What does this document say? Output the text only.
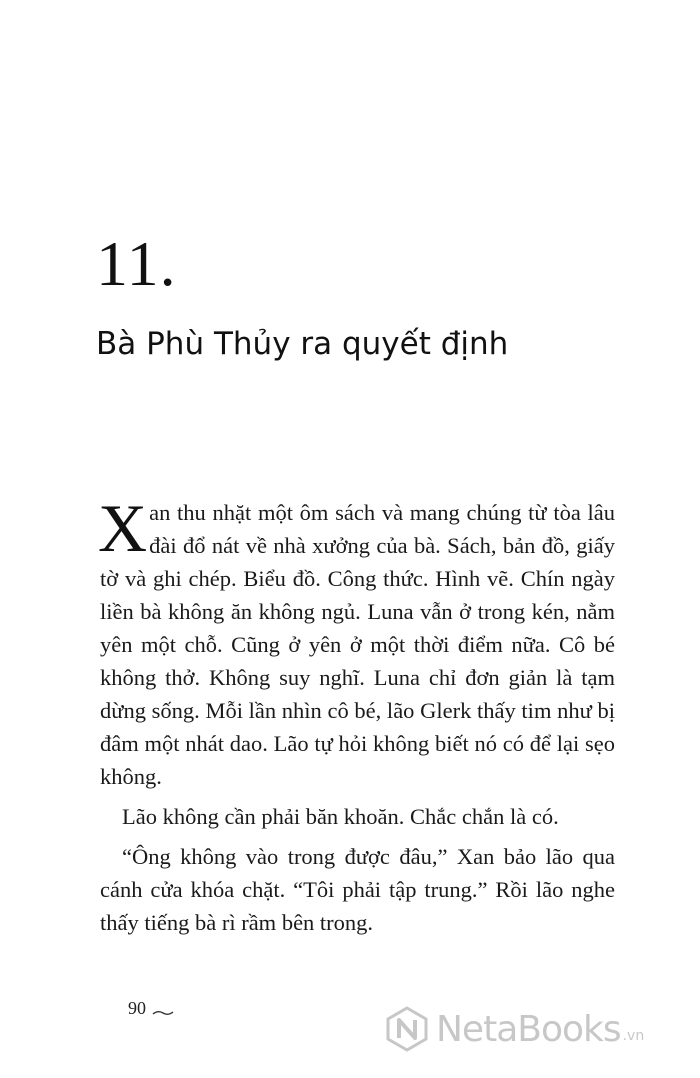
11.
Bà Phù Thủy ra quyết định

Xan thu nhặt một ôm sách và mang chúng từ tòa lâu đài đổ nát về nhà xưởng của bà. Sách, bản đồ, giấy tờ và ghi chép. Biểu đồ. Công thức. Hình vẽ. Chín ngày liền bà không ăn không ngủ. Luna vẫn ở trong kén, nằm yên một chỗ. Cũng ở yên ở một thời điểm nữa. Cô bé không thở. Không suy nghĩ. Luna chỉ đơn giản là tạm dừng sống. Mỗi lần nhìn cô bé, lão Glerk thấy tim như bị đâm một nhát dao. Lão tự hỏi không biết nó có để lại sẹo không.

Lão không cần phải băn khoăn. Chắc chắn là có.

“Ông không vào trong được đâu,” Xan bảo lão qua cánh cửa khóa chặt. “Tôi phải tập trung.” Rồi lão nghe thấy tiếng bà rì rầm bên trong.

90
NetaBooks .vn
